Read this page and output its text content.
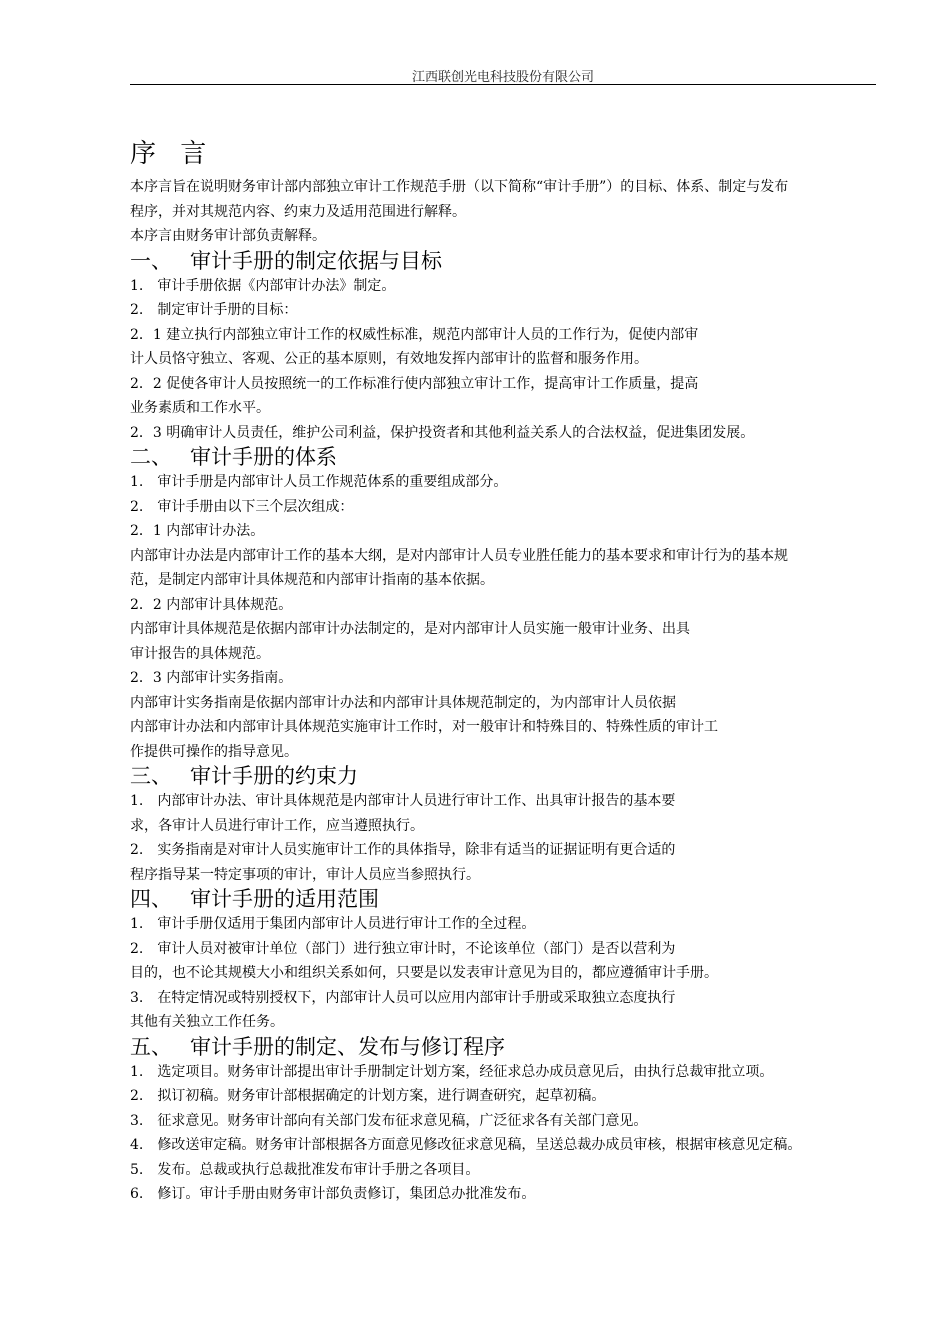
江西联创光电科技股份有限公司
序 言
本序言旨在说明财务审计部内部独立审计工作规范手册（以下简称“审计手册”）的目标、体系、制定与发布
程序，并对其规范内容、约束力及适用范围进行解释。
本序言由财务审计部负责解释。
一、 审计手册的制定依据与目标
1.　审计手册依据《内部审计办法》制定。
2.　制定审计手册的目标：
2．1 建立执行内部独立审计工作的权威性标准，规范内部审计人员的工作行为，促使内部审
计人员恪守独立、客观、公正的基本原则，有效地发挥内部审计的监督和服务作用。
2．2 促使各审计人员按照统一的工作标准行使内部独立审计工作，提高审计工作质量，提高
业务素质和工作水平。
2．3 明确审计人员责任，维护公司利益，保护投资者和其他利益关系人的合法权益，促进集团发展。
二、 审计手册的体系
1.　审计手册是内部审计人员工作规范体系的重要组成部分。
2.　审计手册由以下三个层次组成：
2．1 内部审计办法。
内部审计办法是内部审计工作的基本大纲，是对内部审计人员专业胜任能力的基本要求和审计行为的基本规
范，是制定内部审计具体规范和内部审计指南的基本依据。
2．2 内部审计具体规范。
内部审计具体规范是依据内部审计办法制定的，是对内部审计人员实施一般审计业务、出具
审计报告的具体规范。
2．3 内部审计实务指南。
内部审计实务指南是依据内部审计办法和内部审计具体规范制定的，为内部审计人员依据
内部审计办法和内部审计具体规范实施审计工作时，对一般审计和特殊目的、特殊性质的审计工
作提供可操作的指导意见。
三、 审计手册的约束力
1.　内部审计办法、审计具体规范是内部审计人员进行审计工作、出具审计报告的基本要
求，各审计人员进行审计工作，应当遵照执行。
2.　实务指南是对审计人员实施审计工作的具体指导，除非有适当的证据证明有更合适的
程序指导某一特定事项的审计，审计人员应当参照执行。
四、 审计手册的适用范围
1.　审计手册仅适用于集团内部审计人员进行审计工作的全过程。
2.　审计人员对被审计单位（部门）进行独立审计时，不论该单位（部门）是否以营利为
目的，也不论其规模大小和组织关系如何，只要是以发表审计意见为目的，都应遵循审计手册。
3.　在特定情况或特别授权下，内部审计人员可以应用内部审计手册或采取独立态度执行
其他有关独立工作任务。
五、 审计手册的制定、发布与修订程序
1.　选定项目。财务审计部提出审计手册制定计划方案，经征求总办成员意见后，由执行总裁审批立项。
2.　拟订初稿。财务审计部根据确定的计划方案，进行调查研究，起草初稿。
3.　征求意见。财务审计部向有关部门发布征求意见稿，广泛征求各有关部门意见。
4.　修改送审定稿。财务审计部根据各方面意见修改征求意见稿，呈送总裁办成员审核，根据审核意见定稿。
5.　发布。总裁或执行总裁批准发布审计手册之各项目。
6.　修订。审计手册由财务审计部负责修订，集团总办批准发布。
